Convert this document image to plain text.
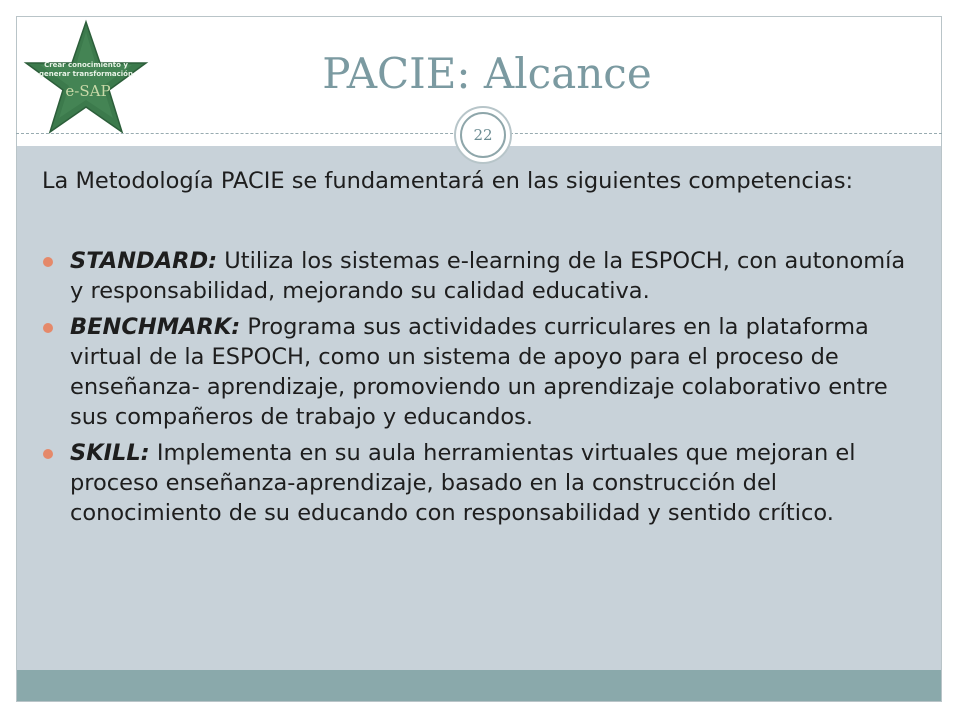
Crear conocimiento y
generar transformación
e-SAP	PACIE: Alcance
22

La Metodología PACIE se fundamentará en las siguientes competencias:

STANDARD: Utiliza los sistemas e-learning de la ESPOCH, con autonomía y responsabilidad, mejorando su calidad educativa.
BENCHMARK: Programa sus actividades curriculares en la plataforma virtual de la ESPOCH, como un sistema de apoyo para el proceso de enseñanza- aprendizaje, promoviendo un aprendizaje colaborativo entre sus compañeros de trabajo y educandos.
SKILL: Implementa en su aula herramientas virtuales que mejoran el proceso enseñanza-aprendizaje, basado en la construcción del conocimiento de su educando con responsabilidad y sentido crítico.
